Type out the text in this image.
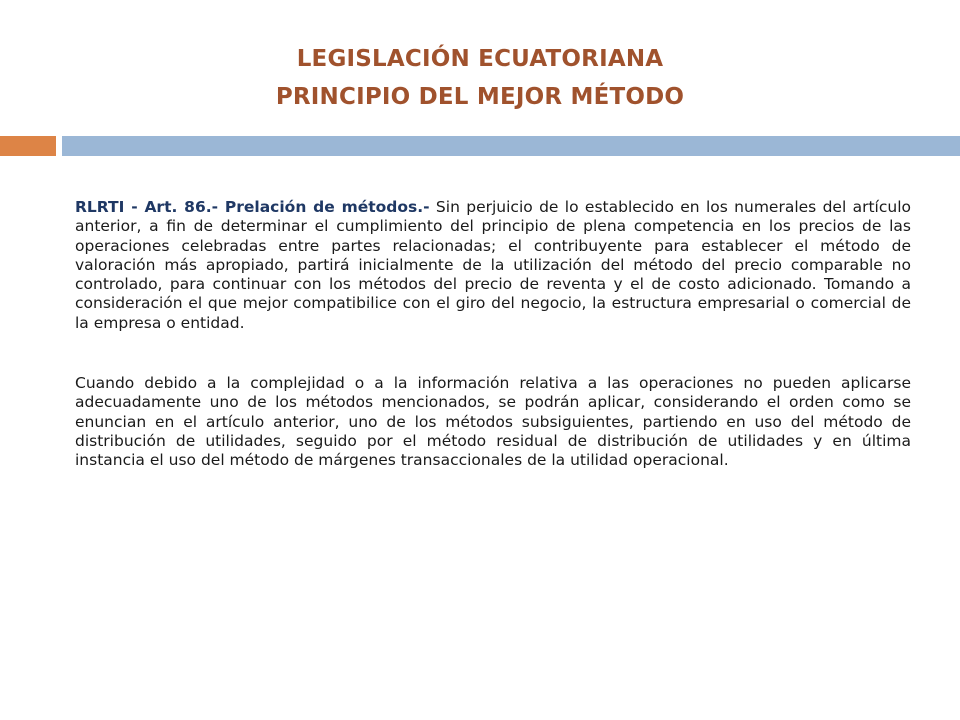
LEGISLACIÓN ECUATORIANA
PRINCIPIO DEL MEJOR MÉTODO

RLRTI - Art. 86.- Prelación de métodos.- Sin perjuicio de lo establecido en los numerales del artículo anterior, a fin de determinar el cumplimiento del principio de plena competencia en los precios de las operaciones celebradas entre partes relacionadas; el contribuyente para establecer el método de valoración más apropiado, partirá inicialmente de la utilización del método del precio comparable no controlado, para continuar con los métodos del precio de reventa y el de costo adicionado. Tomando a consideración el que mejor compatibilice con el giro del negocio, la estructura empresarial o comercial de la empresa o entidad.

Cuando debido a la complejidad o a la información relativa a las operaciones no pueden aplicarse adecuadamente uno de los métodos mencionados, se podrán aplicar, considerando el orden como se enuncian en el artículo anterior, uno de los métodos subsiguientes, partiendo en uso del método de distribución de utilidades, seguido por el método residual de distribución de utilidades y en última instancia el uso del método de márgenes transaccionales de la utilidad operacional.
